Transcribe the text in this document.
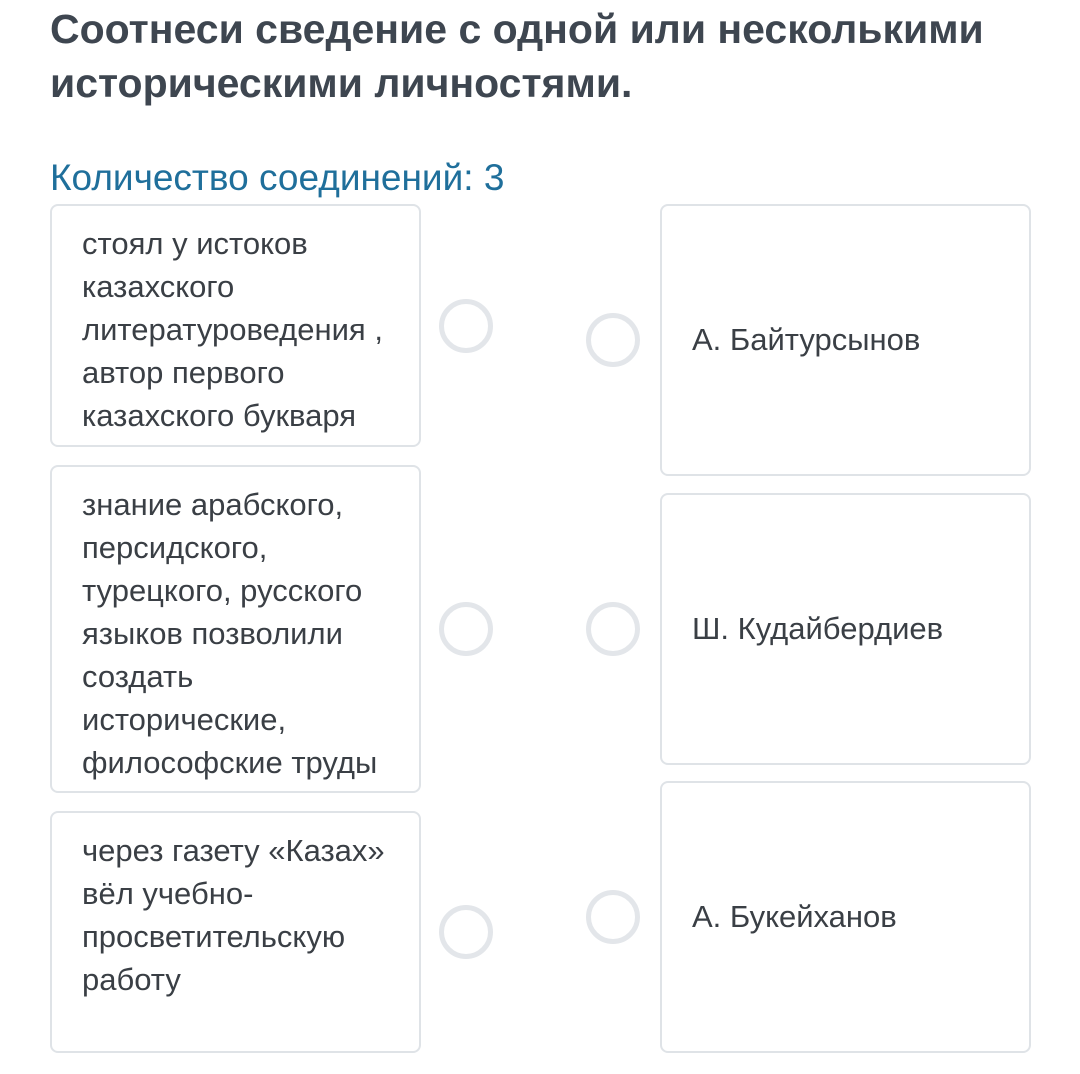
Соотнеси сведение с одной или несколькими историческими личностями.

Количество соединений: 3

стоял у истоков казахского литературоведения , автор первого казахского букваря
знание арабского, персидского, турецкого, русского языков позволили создать исторические, философские труды
через газету «Казах» вёл учебно-просветительскую работу
А. Байтурсынов
Ш. Кудайбердиев
А. Букейханов
